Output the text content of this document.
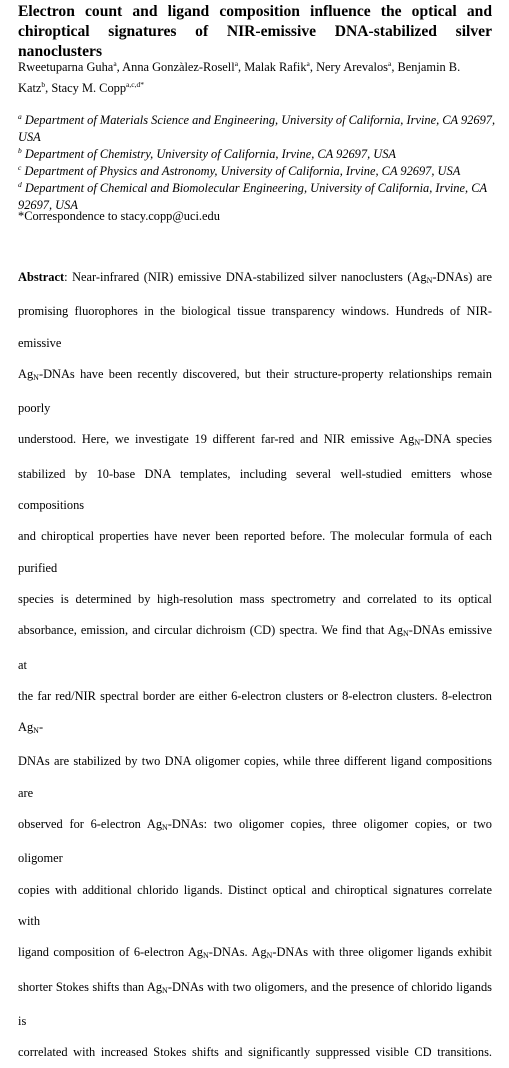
Electron count and ligand composition influence the optical and chiroptical signatures of NIR-emissive DNA-stabilized silver nanoclusters

Rweetuparna Guha$^a$, Anna Gonzàlez-Rosell$^a$, Malak Rafik$^a$, Nery Arevalos$^a$, Benjamin B. Katz$^b$, Stacy M. Copp$^{a,c,d*}$

$^a$ Department of Materials Science and Engineering, University of California, Irvine, CA 92697,
USA

$^b$ Department of Chemistry, University of California, Irvine, CA 92697, USA

$^c$ Department of Physics and Astronomy, University of California, Irvine, CA 92697, USA

$^d$ Department of Chemical and Biomolecular Engineering, University of California, Irvine, CA
92697, USA

*Correspondence to stacy.copp@uci.edu

Abstract: Near-infrared (NIR) emissive DNA-stabilized silver nanoclusters $(Ag_N-DNAs)$ are
promising fluorophores in the biological tissue transparency windows. Hundreds of NIR-emissive
$Ag_N$-DNAs have been recently discovered, but their structure-property relationships remain poorly
understood. Here, we investigate 19 different far-red and NIR emissive $Ag_N$-DNA species
stabilized by 10-base DNA templates, including several well-studied emitters whose compositions
and chiroptical properties have never been reported before. The molecular formula of each purified
species is determined by high-resolution mass spectrometry and correlated to its optical
absorbance, emission, and circular dichroism (CD) spectra. We find that $Ag_N$-DNAs emissive at
the far red/NIR spectral border are either 6-electron clusters or 8-electron clusters. 8-electron $Ag_N-$
DNAs are stabilized by two DNA oligomer copies, while three different ligand compositions are
observed for 6-electron $Ag_N$-DNAs: two oligomer copies, three oligomer copies, or two oligomer
copies with additional chlorido ligands. Distinct optical and chiroptical signatures correlate with
ligand composition of 6-electron $Ag_N$-DNAs. $Ag_N$-DNAs with three oligomer ligands exhibit
shorter Stokes shifts than $Ag_N$-DNAs with two oligomers, and the presence of chlorido ligands is
correlated with increased Stokes shifts and significantly suppressed visible CD transitions.
